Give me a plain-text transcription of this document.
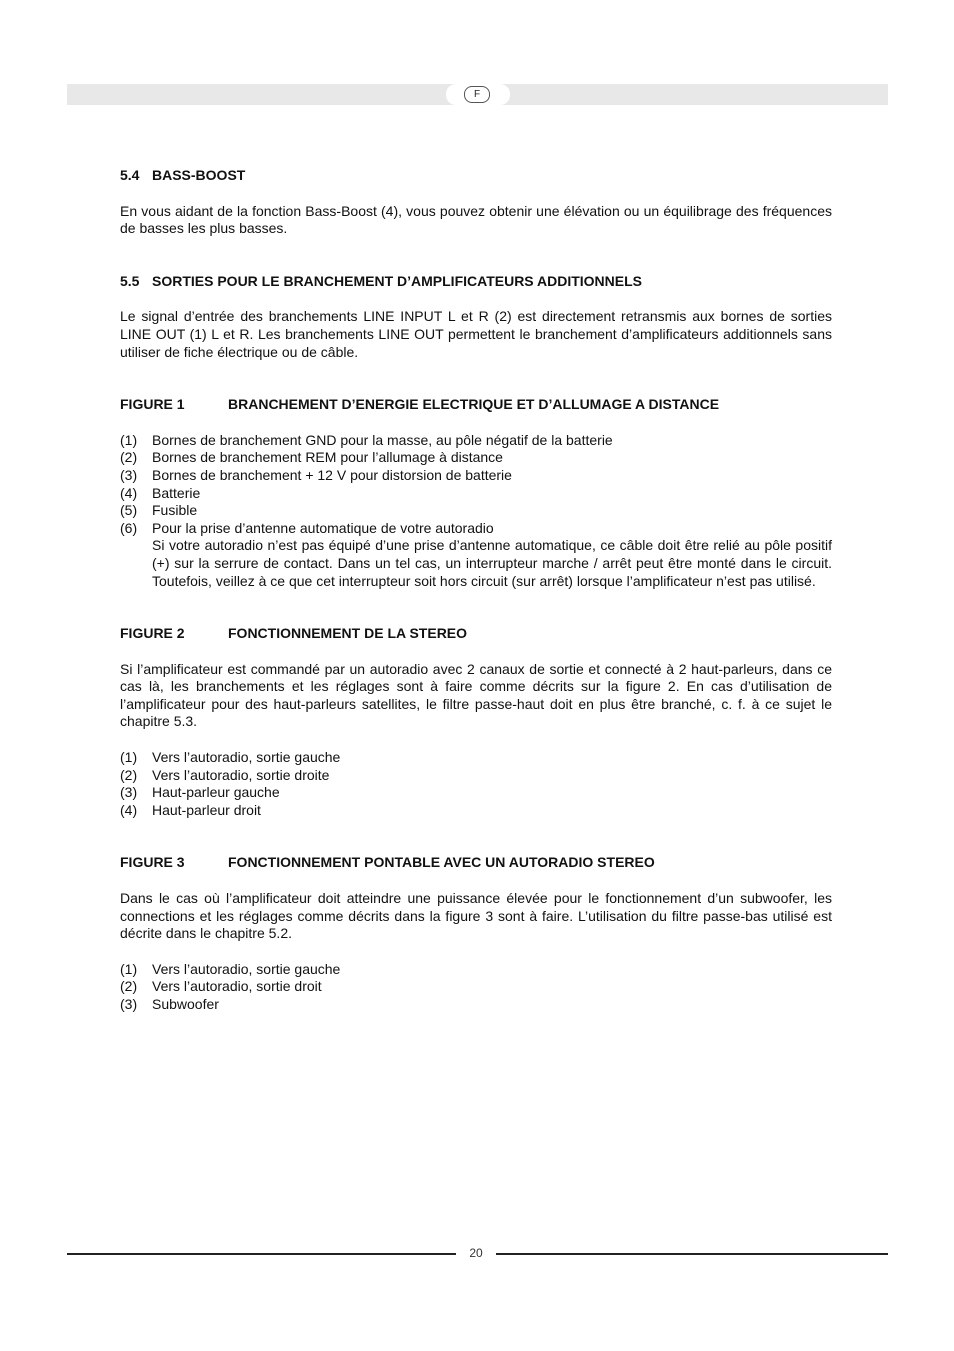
F
5.4 BASS-BOOST

En vous aidant de la fonction Bass-Boost (4), vous pouvez obtenir une élévation ou un équilibrage des fréquences de basses les plus basses.

5.5 SORTIES POUR LE BRANCHEMENT D’AMPLIFICATEURS ADDITIONNELS

Le signal d’entrée des branchements LINE INPUT L et R (2) est directement retransmis aux bornes de sorties LINE OUT (1) L et R. Les branchements LINE OUT permettent le branchement d’amplificateurs additionnels sans utiliser de fiche électrique ou de câble.

FIGURE 1	BRANCHEMENT D’ENERGIE ELECTRIQUE ET D’ALLUMAGE A DISTANCE
(1)	Bornes de branchement GND pour la masse, au pôle négatif de la batterie
(2)	Bornes de branchement REM pour l’allumage à distance
(3)	Bornes de branchement + 12 V pour distorsion de batterie
(4)	Batterie
(5)	Fusible
(6)	Pour la prise d’antenne automatique de votre autoradio
Si votre autoradio n’est pas équipé d’une prise d’antenne automatique, ce câble doit être relié au pôle positif (+) sur la serrure de contact. Dans un tel cas, un interrupteur marche / arrêt peut être monté dans le circuit. Toutefois, veillez à ce que cet interrupteur soit hors circuit (sur arrêt) lorsque l’amplificateur n’est pas utilisé.
FIGURE 2	FONCTIONNEMENT DE LA STEREO

Si l’amplificateur est commandé par un autoradio avec 2 canaux de sortie et connecté à 2 haut-parleurs, dans ce cas là, les branchements et les réglages sont à faire comme décrits sur la figure 2. En cas d’utilisation de l’amplificateur pour des haut-parleurs satellites, le filtre passe-haut doit en plus être branché, c. f. à ce sujet le chapitre 5.3.

(1)	Vers l’autoradio, sortie gauche
(2)	Vers l’autoradio, sortie droite
(3)	Haut-parleur gauche
(4)	Haut-parleur droit
FIGURE 3	FONCTIONNEMENT PONTABLE AVEC UN AUTORADIO STEREO

Dans le cas où l’amplificateur doit atteindre une puissance élevée pour le fonctionnement d’un subwoofer, les connections et les réglages comme décrits dans la figure 3 sont à faire. L’utilisation du filtre passe-bas utilisé est décrite dans le chapitre 5.2.

(1)	Vers l’autoradio, sortie gauche
(2)	Vers l’autoradio, sortie droit
(3)	Subwoofer
20
